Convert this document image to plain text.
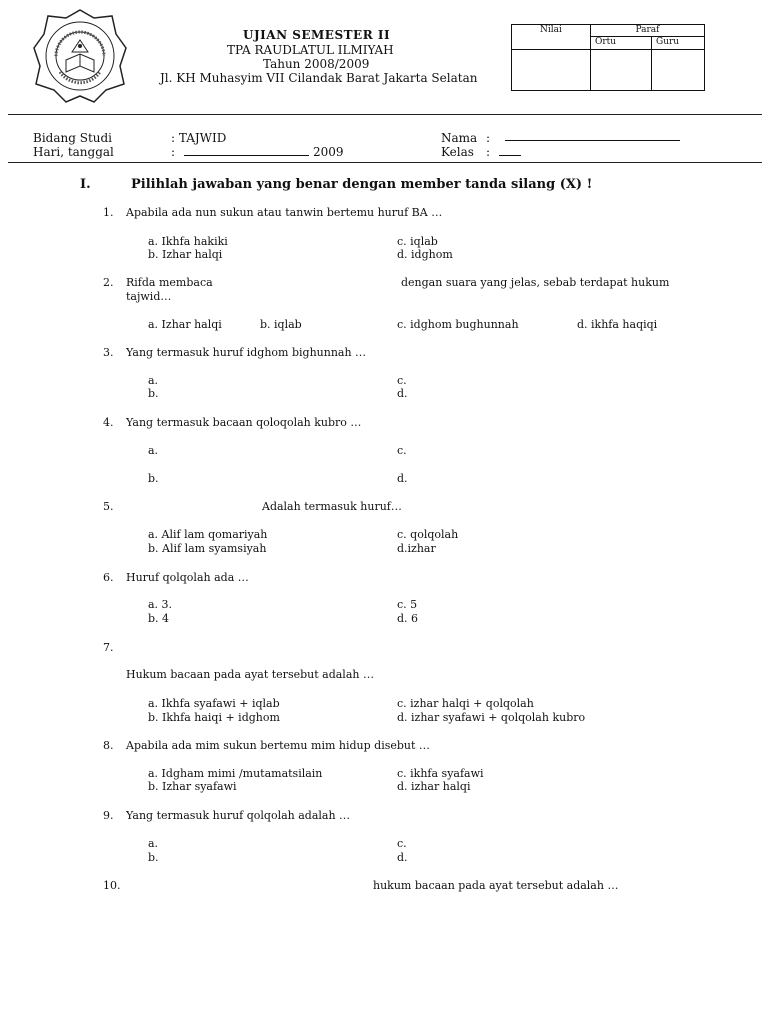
UJIAN SEMESTER II
TPA RAUDLATUL ILMIYAH
Tahun 2008/2009
Jl. KH Muhasyim VII Cilandak Barat Jakarta Selatan
Nilai	Paraf	
	Ortu	Guru

Bidang Studi	: TAJWID	Nama :
Hari, tanggal	:	2009	Kelas :
I.	Pilihlah jawaban yang benar dengan member tanda silang (X) !
1. Apabila ada nun sukun atau tanwin bertemu huruf BA …
a. Ikhfa hakiki
b. Izhar halqi
c. iqlab
d. idghom
2. Rifda membaca	dengan suara yang jelas, sebab terdapat hukum
tajwid…
a. Izhar halqi	b. iqlab	c. idghom bughunnah	d. ikhfa haqiqi
3. Yang termasuk huruf idghom bighunnah …
a.
b.
c.
d.
4. Yang termasuk bacaan qoloqolah kubro …
a.
b.
c.
d.
5.	Adalah termasuk huruf…
a. Alif lam qomariyah
b. Alif lam syamsiyah
c. qolqolah
d.izhar
6. Huruf qolqolah ada …
a. 3.
b. 4
c. 5
d. 6
7.
Hukum bacaan pada ayat tersebut adalah …
a. Ikhfa syafawi + iqlab
b. Ikhfa haiqi + idghom
c. izhar halqi + qolqolah
d. izhar syafawi + qolqolah kubro
8. Apabila ada mim sukun bertemu mim hidup disebut …
a. Idgham mimi /mutamatsilain
b. Izhar syafawi
c. ikhfa syafawi
d. izhar halqi
9. Yang termasuk huruf qolqolah adalah …
a.
b.
c.
d.
10.	hukum bacaan pada ayat tersebut adalah …
